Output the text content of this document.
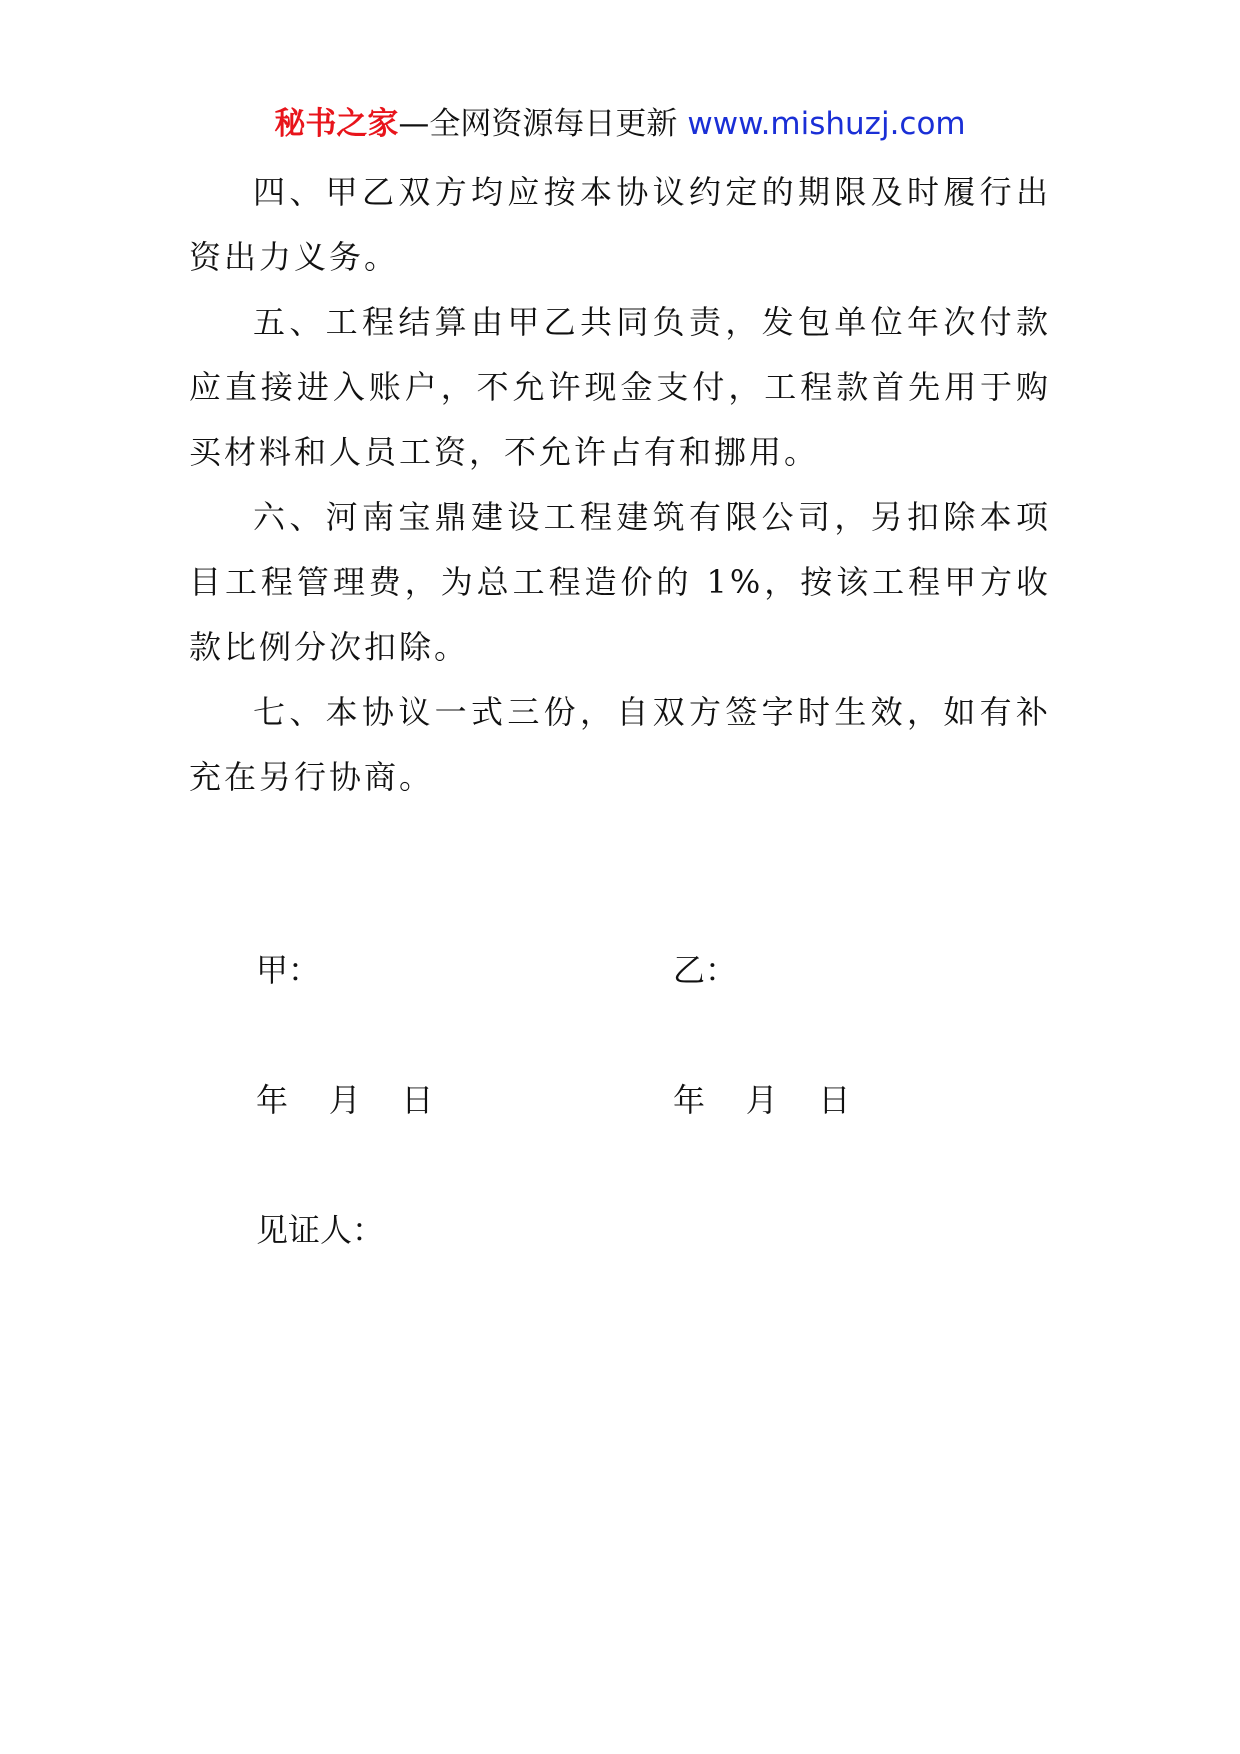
秘书之家—全网资源每日更新 www.mishuzj.com

四、甲乙双方均应按本协议约定的期限及时履行出资出力义务。

五、工程结算由甲乙共同负责，发包单位年次付款应直接进入账户，不允许现金支付，工程款首先用于购买材料和人员工资，不允许占有和挪用。

六、河南宝鼎建设工程建筑有限公司，另扣除本项目工程管理费，为总工程造价的 1%，按该工程甲方收款比例分次扣除。

七、本协议一式三份，自双方签字时生效，如有补充在另行协商。

甲：	乙：
年    月    日	年    月    日
见证人：
